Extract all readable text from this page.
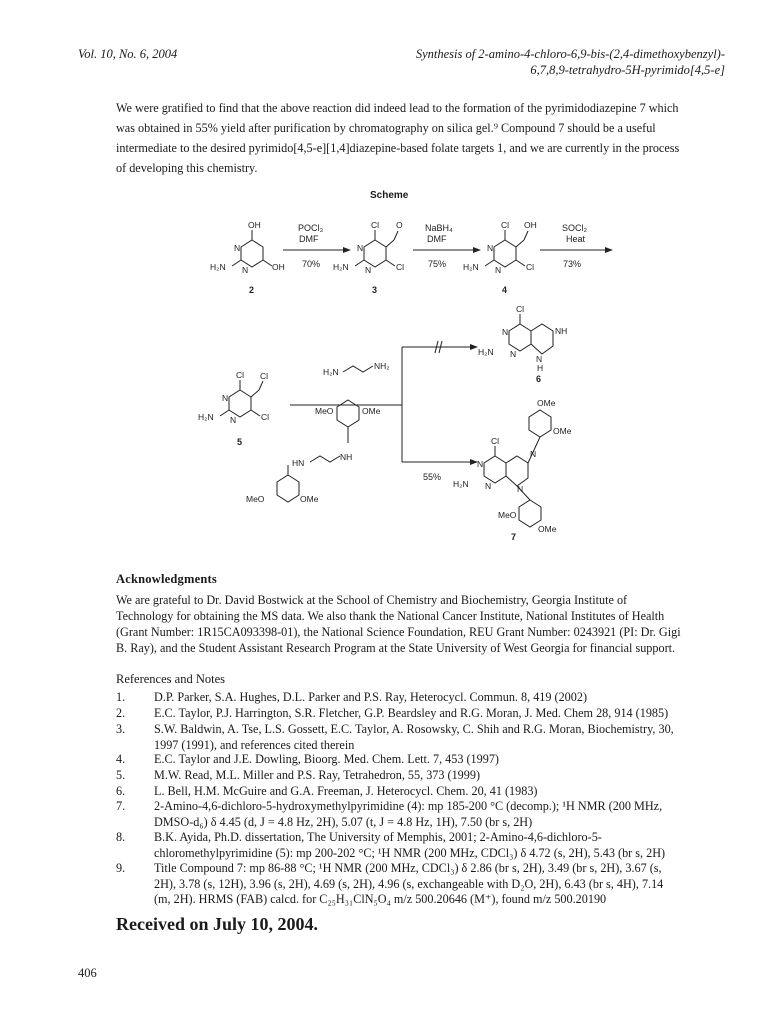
Vol. 10, No. 6, 2004	Synthesis of 2-amino-4-chloro-6,9-bis-(2,4-dimethoxybenzyl)-
6,7,8,9-tetrahydro-5H-pyrimido[4,5-e]
We were gratified to find that the above reaction did indeed lead to the formation of the pyrimidodiazepine 7 which
was obtained in 55% yield after purification by chromatography on silica gel.⁹ Compound 7 should be a useful
intermediate to the desired pyrimido[4,5-e][1,4]diazepine-based folate targets 1, and we are currently in the process
of developing this chemistry.
Scheme
OH
N
N
H₂N	OH
Cl O
N
N
H₂N	Cl
Cl OH
N
N
H₂N	Cl
Cl Cl
N
N
H₂N	Cl
H₂N
NH₂
MeO	OMe
HN
NH
MeO	OMe
Cl
NH
N
N
H₂N
N
H
OMe
OMe
Cl
N
N
N
H₂N	N
MeO
OMe
POCl₃
DMF
70%
NaBH₄
DMF
75%
SOCl₂
Heat
73%
55%
2	3	4
5
6
7
Acknowledgments
We are grateful to Dr. David Bostwick at the School of Chemistry and Biochemistry, Georgia Institute of
Technology for obtaining the MS data. We also thank the National Cancer Institute, National Institutes of Health
(Grant Number: 1R15CA093398-01), the National Science Foundation, REU Grant Number: 0243921 (PI: Dr. Gigi
B. Ray), and the Student Assistant Research Program at the State University of West Georgia for financial support.
References and Notes
1. D.P. Parker, S.A. Hughes, D.L. Parker and P.S. Ray, Heterocycl. Commun. 8, 419 (2002)
2. E.C. Taylor, P.J. Harrington, S.R. Fletcher, G.P. Beardsley and R.G. Moran, J. Med. Chem 28, 914 (1985)
3. S.W. Baldwin, A. Tse, L.S. Gossett, E.C. Taylor, A. Rosowsky, C. Shih and R.G. Moran, Biochemistry, 30,
1997 (1991), and references cited therein
4. E.C. Taylor and J.E. Dowling, Bioorg. Med. Chem. Lett. 7, 453 (1997)
5. M.W. Read, M.L. Miller and P.S. Ray, Tetrahedron, 55, 373 (1999)
6. L. Bell, H.M. McGuire and G.A. Freeman, J. Heterocycl. Chem. 20, 41 (1983)
7. 2-Amino-4,6-dichloro-5-hydroxymethylpyrimidine (4): mp 185-200 °C (decomp.); ¹H NMR (200 MHz,
DMSO-d₆) δ 4.45 (d, J = 4.8 Hz, 2H), 5.07 (t, J = 4.8 Hz, 1H), 7.50 (br s, 2H)
8. B.K. Ayida, Ph.D. dissertation, The University of Memphis, 2001; 2-Amino-4,6-dichloro-5-
chloromethylpyrimidine (5): mp 200-202 °C; ¹H NMR (200 MHz, CDCl₃) δ 4.72 (s, 2H), 5.43 (br s, 2H)
9. Title Compound 7: mp 86-88 °C; ¹H NMR (200 MHz, CDCl₃) δ 2.86 (br s, 2H), 3.49 (br s, 2H), 3.67 (s,
2H), 3.78 (s, 12H), 3.96 (s, 2H), 4.69 (s, 2H), 4.96 (s, exchangeable with D₂O, 2H), 6.43 (br s, 4H), 7.14
(m, 2H). HRMS (FAB) calcd. for C₂₅H₃₁ClN₅O₄ m/z 500.20646 (M⁺), found m/z 500.20190
Received on July 10, 2004.
406
